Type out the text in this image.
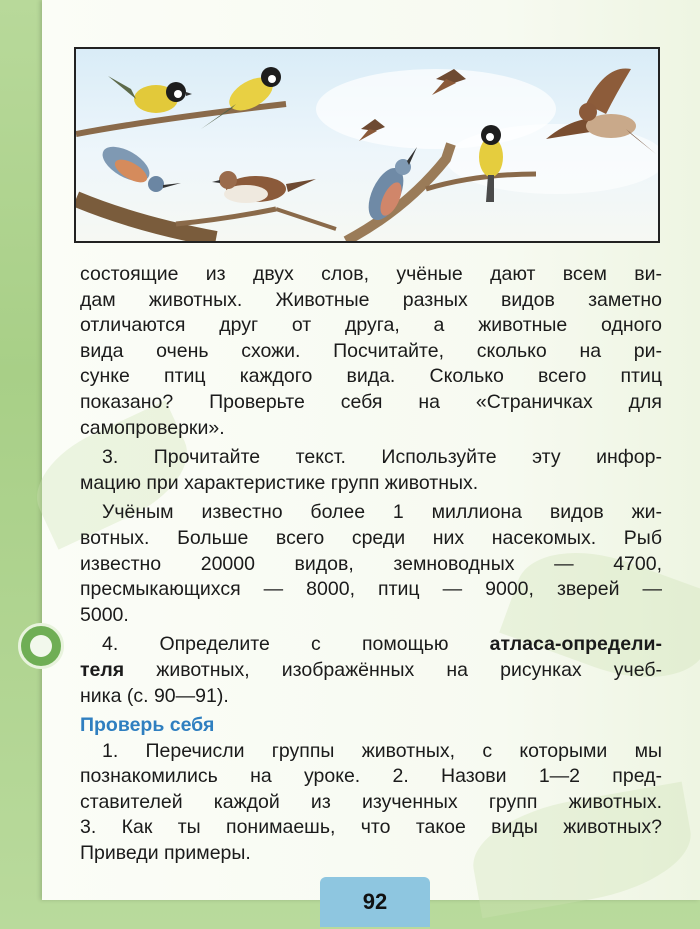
состоящие из двух слов, учёные дают всем ви-
дам животных. Животные разных видов заметно
отличаются друг от друга, а животные одного
вида очень схожи. Посчитайте, сколько на ри-
сунке птиц каждого вида. Сколько всего птиц
показано? Проверьте себя на «Страничках для
самопроверки».
3. Прочитайте текст. Используйте эту инфор-
мацию при характеристике групп животных.
Учёным известно более 1 миллиона видов жи-
вотных. Больше всего среди них насекомых. Рыб
известно 20000 видов, земноводных — 4700,
пресмыкающихся — 8000, птиц — 9000, зверей —
5000.
4. Определите с помощью атласа-определи-
теля животных, изображённых на рисунках учеб-
ника (с. 90—91).
Проверь себя
1. Перечисли группы животных, с которыми мы
познакомились на уроке. 2. Назови 1—2 пред-
ставителей каждой из изученных групп животных.
3. Как ты понимаешь, что такое виды животных?
Приведи примеры.
92
